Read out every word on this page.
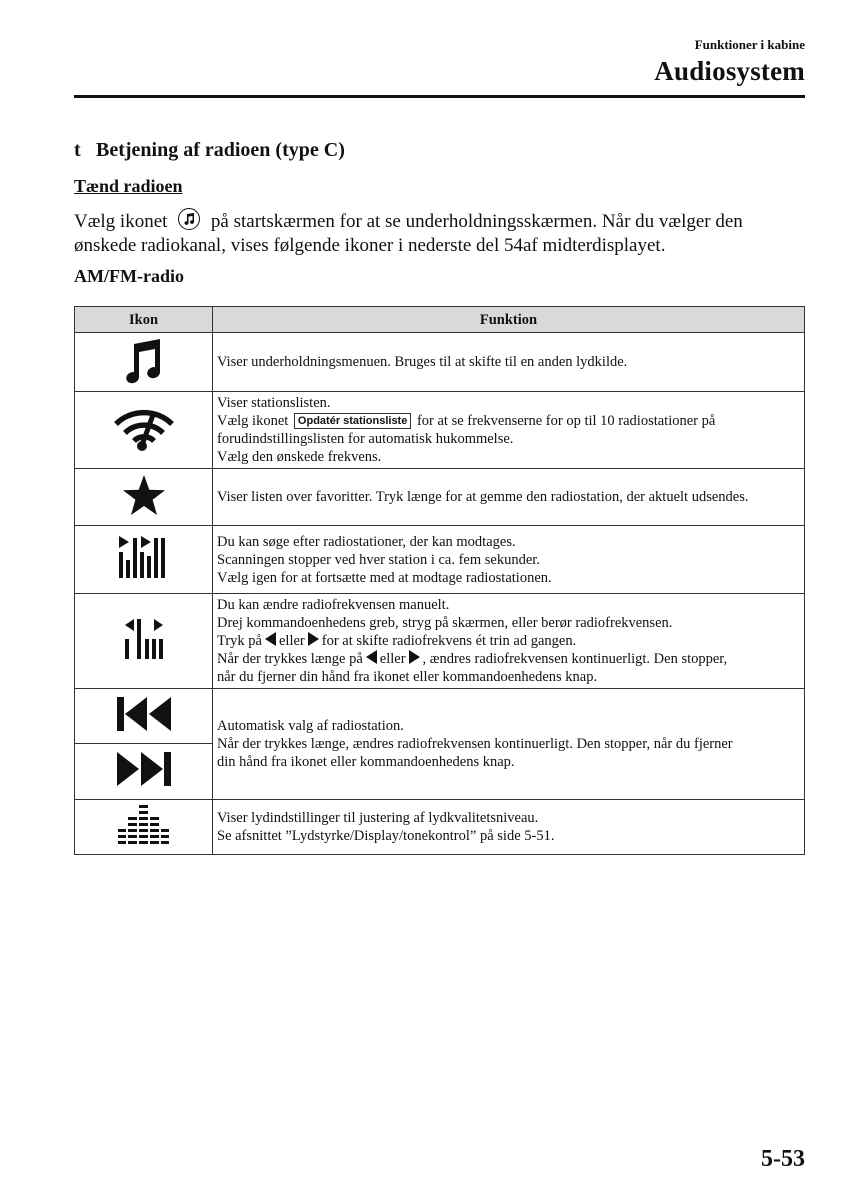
Funktioner i kabine
Audiosystem
t Betjening af radioen (type C)
Tænd radioen
Vælg ikonet på startskærmen for at se underholdningsskærmen. Når du vælger den
ønskede radiokanal, vises følgende ikoner i nederste del 54af midterdisplayet.
AM/FM-radio
Ikon	Funktion

Viser underholdningsmenuen. Bruges til at skifte til en anden lydkilde.

Viser stationslisten.
Vælg ikonet Opdatér stationsliste for at se frekvenserne for op til 10 radiostationer på
forudindstillingslisten for automatisk hukommelse.
Vælg den ønskede frekvens.

Viser listen over favoritter. Tryk længe for at gemme den radiostation, der aktuelt udsendes.

Du kan søge efter radiostationer, der kan modtages.
Scanningen stopper ved hver station i ca. fem sekunder.
Vælg igen for at fortsætte med at modtage radiostationen.

Du kan ændre radiofrekvensen manuelt.
Drej kommandoenhedens greb, stryg på skærmen, eller berør radiofrekvensen.
Tryk på eller for at skifte radiofrekvens ét trin ad gangen.
Når der trykkes længe på eller , ændres radiofrekvensen kontinuerligt. Den stopper,
når du fjerner din hånd fra ikonet eller kommandoenhedens knap.

Automatisk valg af radiostation.
Når der trykkes længe, ændres radiofrekvensen kontinuerligt. Den stopper, når du fjerner
din hånd fra ikonet eller kommandoenhedens knap.

Viser lydindstillinger til justering af lydkvalitetsniveau.
Se afsnittet ”Lydstyrke/Display/tonekontrol” på side 5-51.
5-53
